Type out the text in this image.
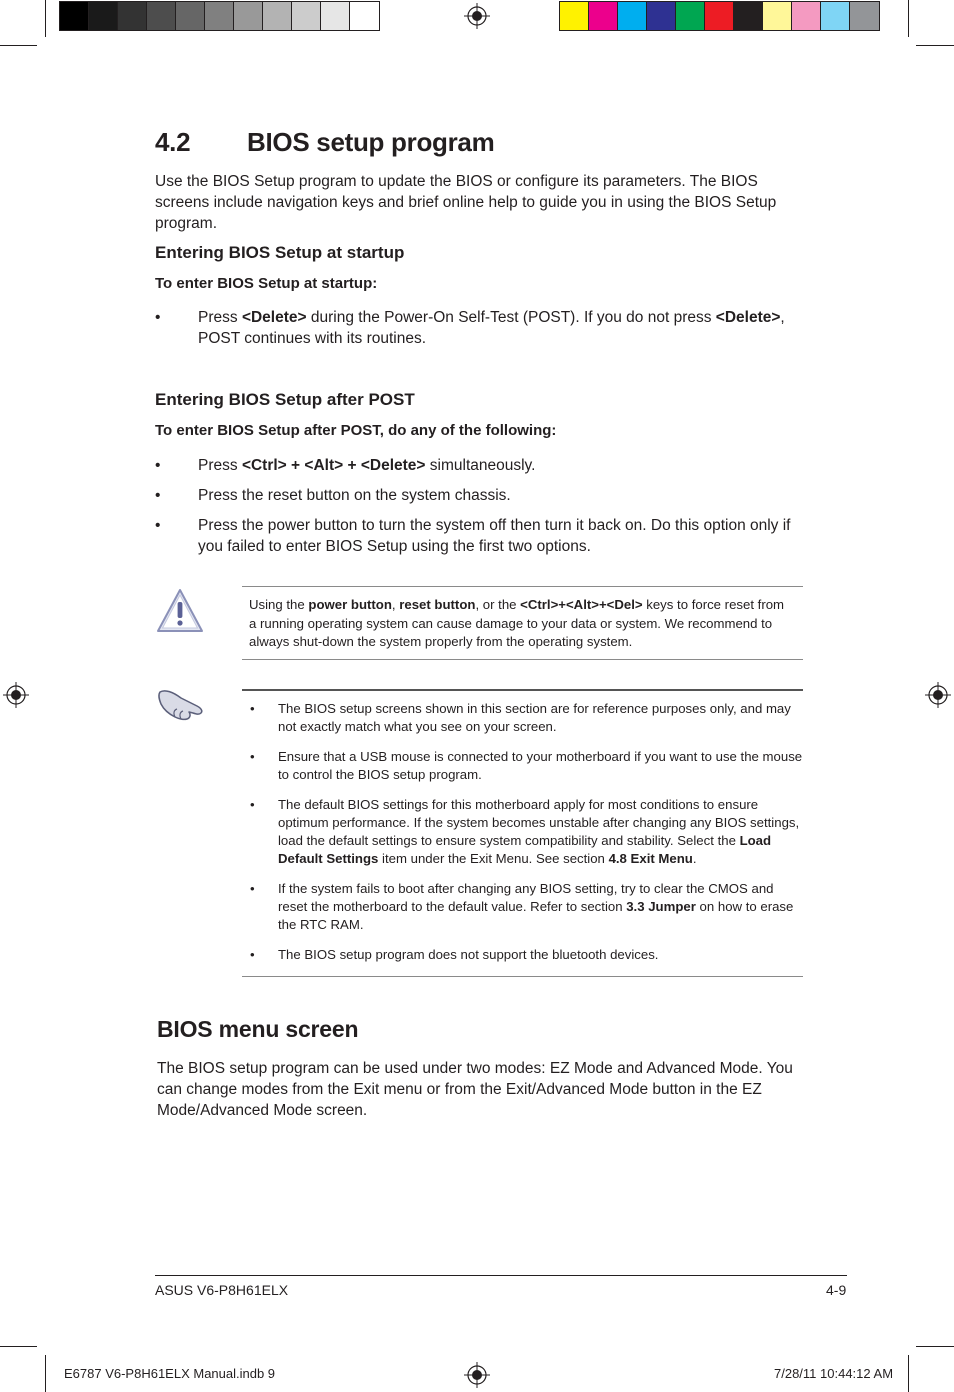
4.2 BIOS setup program
Use the BIOS Setup program to update the BIOS or configure its parameters. The BIOS screens include navigation keys and brief online help to guide you in using the BIOS Setup program.
Entering BIOS Setup at startup
To enter BIOS Setup at startup:
• Press <Delete> during the Power-On Self-Test (POST). If you do not press <Delete>, POST continues with its routines.
Entering BIOS Setup after POST
To enter BIOS Setup after POST, do any of the following:
• Press <Ctrl> + <Alt> + <Delete> simultaneously.
• Press the reset button on the system chassis.
• Press the power button to turn the system off then turn it back on. Do this option only if you failed to enter BIOS Setup using the first two options.
Using the power button, reset button, or the <Ctrl>+<Alt>+<Del> keys to force reset from a running operating system can cause damage to your data or system. We recommend to always shut-down the system properly from the operating system.
• The BIOS setup screens shown in this section are for reference purposes only, and may not exactly match what you see on your screen.
• Ensure that a USB mouse is connected to your motherboard if you want to use the mouse to control the BIOS setup program.
• The default BIOS settings for this motherboard apply for most conditions to ensure optimum performance. If the system becomes unstable after changing any BIOS settings, load the default settings to ensure system compatibility and stability. Select the Load Default Settings item under the Exit Menu. See section 4.8 Exit Menu.
• If the system fails to boot after changing any BIOS setting, try to clear the CMOS and reset the motherboard to the default value. Refer to section 3.3 Jumper on how to erase the RTC RAM.
• The BIOS setup program does not support the bluetooth devices.
BIOS menu screen
The BIOS setup program can be used under two modes: EZ Mode and Advanced Mode. You can change modes from the Exit menu or from the Exit/Advanced Mode button in the EZ Mode/Advanced Mode screen.
ASUS V6-P8H61ELX	4-9
E6787 V6-P8H61ELX Manual.indb 9	7/28/11 10:44:12 AM
